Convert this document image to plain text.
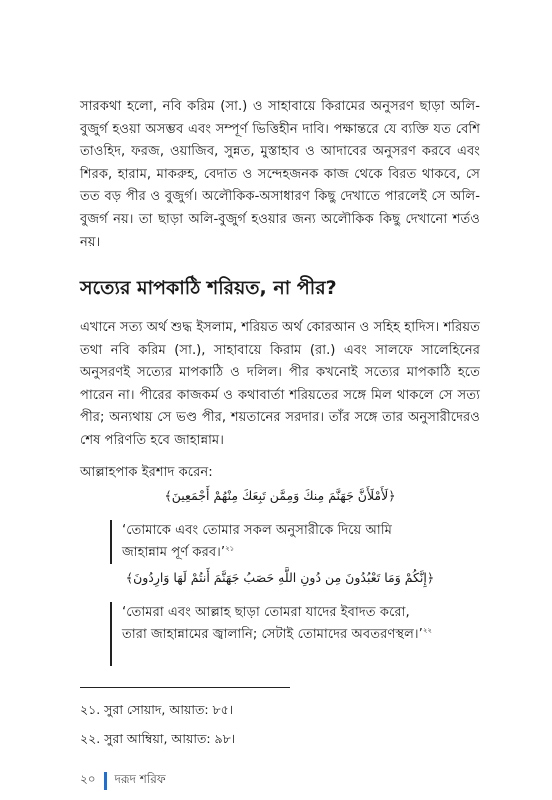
সারকথা হলো, নবি করিম (সা.) ও সাহাবায়ে কিরামের অনুসরণ ছাড়া অলি-বুজুর্গ হওয়া অসম্ভব এবং সম্পূর্ণ ভিত্তিহীন দাবি। পক্ষান্তরে যে ব্যক্তি যত বেশি তাওহিদ, ফরজ, ওয়াজিব, সুন্নত, মুস্তাহাব ও আদাবের অনুসরণ করবে এবং শিরক, হারাম, মাকরুহ, বেদাত ও সন্দেহজনক কাজ থেকে বিরত থাকবে, সে তত বড় পীর ও বুজুর্গ। অলৌকিক-অসাধারণ কিছু দেখাতে পারলেই সে অলি-বুজর্গ নয়। তা ছাড়া অলি-বুজুর্গ হওয়ার জন্য অলৌকিক কিছু দেখানো শর্তও নয়।

সত্যের মাপকাঠি শরিয়ত, না পীর?

এখানে সত্য অর্থ শুদ্ধ ইসলাম, শরিয়ত অর্থ কোরআন ও সহিহ হাদিস। শরিয়ত তথা নবি করিম (সা.), সাহাবায়ে কিরাম (রা.) এবং সালফে সালেহিনের অনুসরণই সত্যের মাপকাঠি ও দলিল। পীর কখনোই সত্যের মাপকাঠি হতে পারেন না। পীরের কাজকর্ম ও কথাবার্তা শরিয়তের সঙ্গে মিল থাকলে সে সত্য পীর; অন্যথায় সে ভণ্ড পীর, শয়তানের সরদার। তাঁর সঙ্গে তার অনুসারীদেরও শেষ পরিণতি হবে জাহান্নাম।

আল্লাহপাক ইরশাদ করেন:

﴿لَأَمْلَأَنَّ جَهَنَّمَ مِنكَ وَمِمَّن تَبِعَكَ مِنْهُمْ أَجْمَعِينَ﴾
‘তোমাকে এবং তোমার সকল অনুসারীকে দিয়ে আমি জাহান্নাম পূর্ণ করব।’$^{২১}$
﴿إِنَّكُمْ وَمَا تَعْبُدُونَ مِن دُونِ اللَّهِ حَصَبُ جَهَنَّمَ أَنتُمْ لَهَا وَارِدُونَ﴾
‘তোমরা এবং আল্লাহ ছাড়া তোমরা যাদের ইবাদত করো, তারা জাহান্নামের জ্বালানি; সেটাই তোমাদের অবতরণস্থল।’$^{২২}$

২১. সুরা সোয়াদ, আয়াত: ৮৫।

২২. সুরা আম্বিয়া, আয়াত: ৯৮।

২০ দরূদ শরিফ
